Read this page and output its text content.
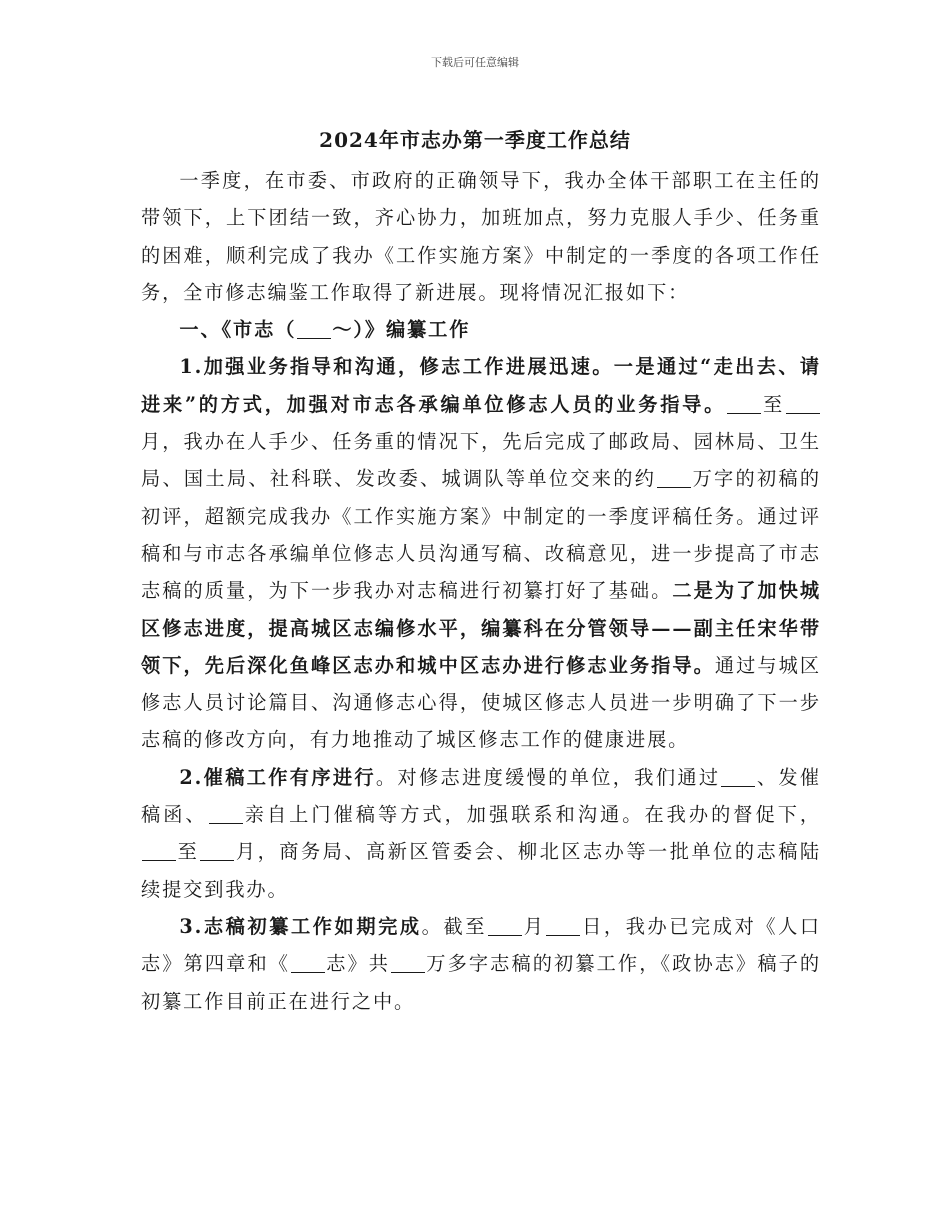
下载后可任意编辑
2024年市志办第一季度工作总结

一季度，在市委、市政府的正确领导下，我办全体干部职工在主任的带领下，上下团结一致，齐心协力，加班加点，努力克服人手少、任务重的困难，顺利完成了我办《工作实施方案》中制定的一季度的各项工作任务，全市修志编鉴工作取得了新进展。现将情况汇报如下：

一、《市志（ ～）》编纂工作

1.加强业务指导和沟通，修志工作进展迅速。一是通过“走出去、请进来”的方式，加强对市志各承编单位修志人员的业务指导。 至月，我办在人手少、任务重的情况下，先后完成了邮政局、园林局、卫生局、国土局、社科联、发改委、城调队等单位交来的约 万字的初稿的初评，超额完成我办《工作实施方案》中制定的一季度评稿任务。通过评稿和与市志各承编单位修志人员沟通写稿、改稿意见，进一步提高了市志志稿的质量，为下一步我办对志稿进行初纂打好了基础。二是为了加快城区修志进度，提高城区志编修水平，编纂科在分管领导——副主任宋华带领下，先后深化鱼峰区志办和城中区志办进行修志业务指导。通过与城区修志人员讨论篇目、沟通修志心得，使城区修志人员进一步明确了下一步志稿的修改方向，有力地推动了城区修志工作的健康进展。

2.催稿工作有序进行。对修志进度缓慢的单位，我们通过 、发催稿函、 亲自上门催稿等方式，加强联系和沟通。在我办的督促下，至 月，商务局、高新区管委会、柳北区志办等一批单位的志稿陆续提交到我办。

3.志稿初纂工作如期完成。截至 月 日，我办已完成对《人口志》第四章和《 志》共 万多字志稿的初纂工作，《政协志》稿子的初纂工作目前正在进行之中。
